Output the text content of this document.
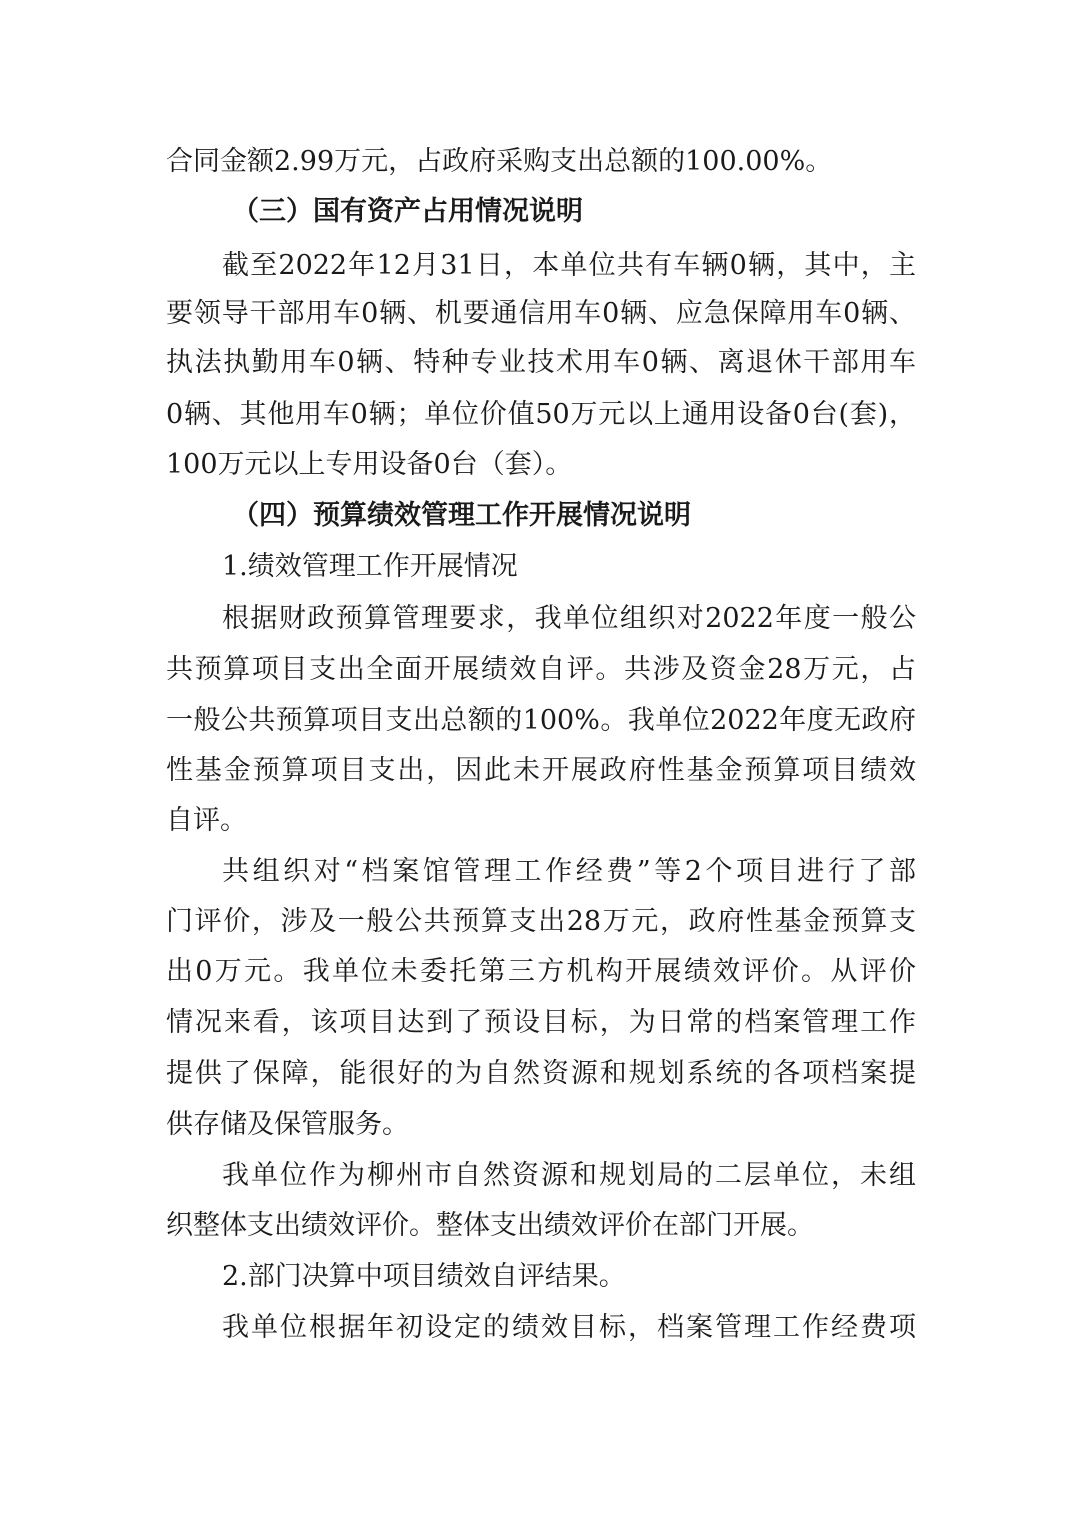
合同金额2.99万元，占政府采购支出总额的100.00%。
（三）国有资产占用情况说明
截至2022年12月31日，本单位共有车辆0辆，其中，主
要领导干部用车0辆、机要通信用车0辆、应急保障用车0辆、
执法执勤用车0辆、特种专业技术用车0辆、离退休干部用车
0辆、其他用车0辆；单位价值50万元以上通用设备0台(套)，
100万元以上专用设备0台（套）。
（四）预算绩效管理工作开展情况说明
1.绩效管理工作开展情况
根据财政预算管理要求，我单位组织对2022年度一般公
共预算项目支出全面开展绩效自评。共涉及资金28万元，占
一般公共预算项目支出总额的100%。我单位2022年度无政府
性基金预算项目支出，因此未开展政府性基金预算项目绩效
自评。
共组织对“档案馆管理工作经费”等2个项目进行了部
门评价，涉及一般公共预算支出28万元，政府性基金预算支
出0万元。我单位未委托第三方机构开展绩效评价。从评价
情况来看，该项目达到了预设目标，为日常的档案管理工作
提供了保障，能很好的为自然资源和规划系统的各项档案提
供存储及保管服务。
我单位作为柳州市自然资源和规划局的二层单位，未组
织整体支出绩效评价。整体支出绩效评价在部门开展。
2.部门决算中项目绩效自评结果。
我单位根据年初设定的绩效目标，档案管理工作经费项
